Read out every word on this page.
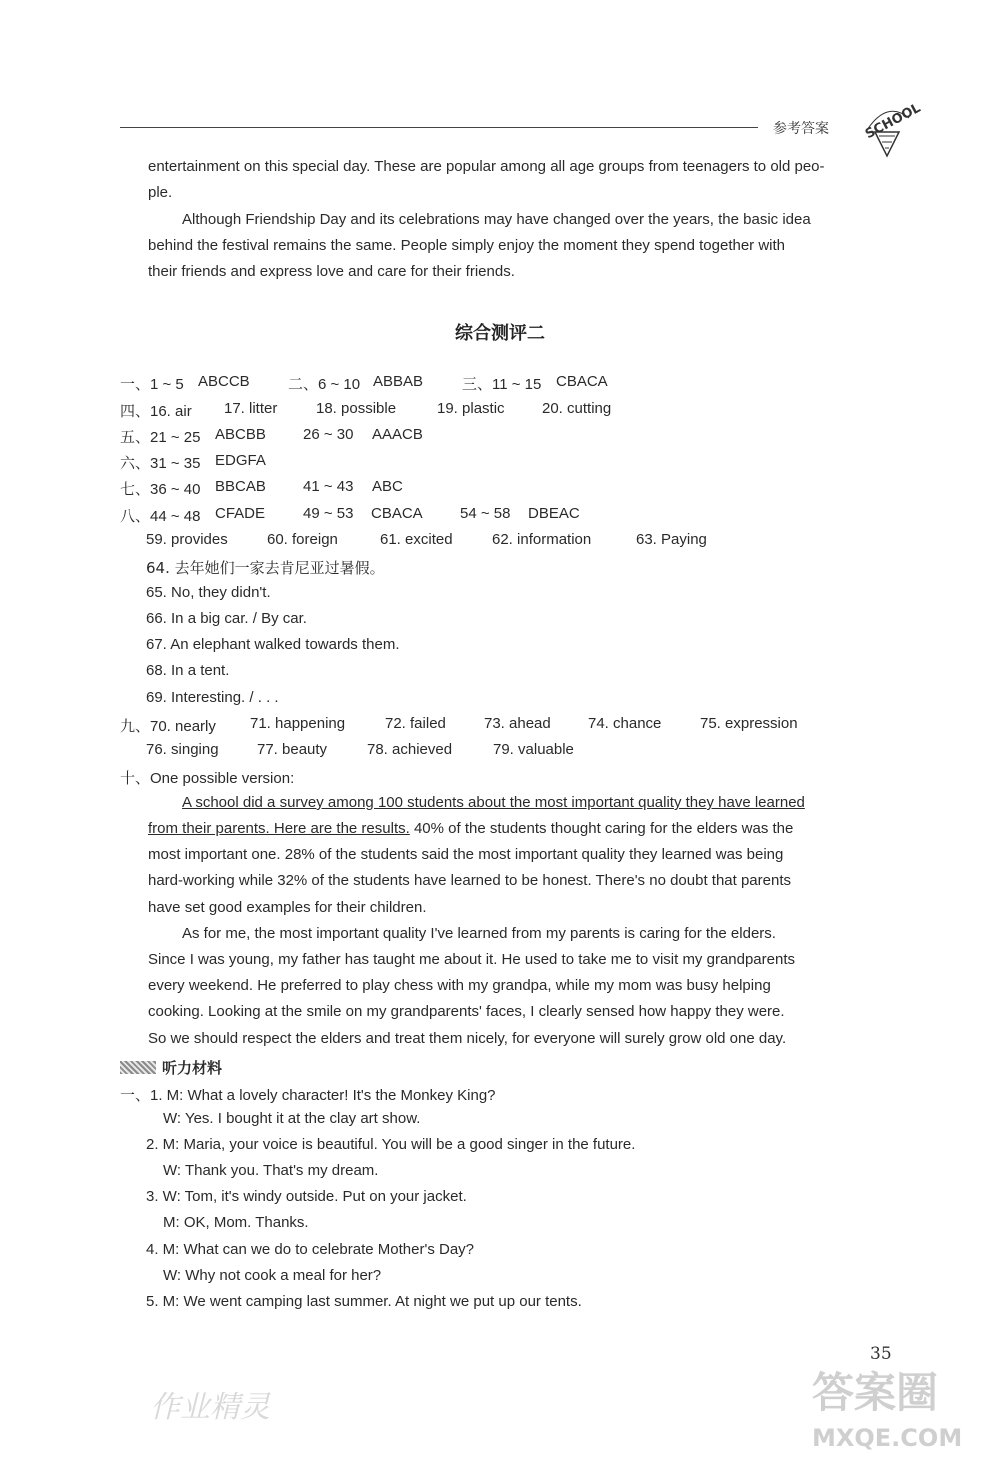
参考答案	SCHOOL
entertainment on this special day. These are popular among all age groups from teenagers to old peo-
ple.
Although Friendship Day and its celebrations may have changed over the years, the basic idea
behind the festival remains the same. People simply enjoy the moment they spend together with
their friends and express love and care for their friends.
综合测评二
一、1 ~ 5 ABCCB	二、6 ~ 10 ABBAB	三、11 ~ 15 CBACA
四、16. air 17. litter	18. possible	19. plastic 20. cutting
五、21 ~ 25 ABCBB 26 ~ 30 AAACB
六、31 ~ 35 EDGFA
七、36 ~ 40 BBCAB 41 ~ 43 ABC
八、44 ~ 48 CFADE	49 ~ 53 CBACA 54 ~ 58 DBEAC
59. provides	60. foreign	61. excited	62. information	63. Paying
64. 去年她们一家去肯尼亚过暑假。
65. No, they didn't.
66. In a big car. / By car.
67. An elephant walked towards them.
68. In a tent.
69. Interesting. / . . .
九、70. nearly 71. happening	72. failed	73. ahead 74. chance	75. expression
76. singing	77. beauty	78. achieved	79. valuable
十、One possible version:
A school did a survey among 100 students about the most important quality they have learned
from their parents. Here are the results. 40% of the students thought caring for the elders was the
most important one. 28% of the students said the most important quality they learned was being
hard-working while 32% of the students have learned to be honest. There's no doubt that parents
have set good examples for their children.
As for me, the most important quality I've learned from my parents is caring for the elders.
Since I was young, my father has taught me about it. He used to take me to visit my grandparents
every weekend. He preferred to play chess with my grandpa, while my mom was busy helping
cooking. Looking at the smile on my grandparents' faces, I clearly sensed how happy they were.
So we should respect the elders and treat them nicely, for everyone will surely grow old one day.
听力材料
一、1. M: What a lovely character! It's the Monkey King?
W: Yes. I bought it at the clay art show.
2. M: Maria, your voice is beautiful. You will be a good singer in the future.
W: Thank you. That's my dream.
3. W: Tom, it's windy outside. Put on your jacket.
M: OK, Mom. Thanks.
4. M: What can we do to celebrate Mother's Day?
W: Why not cook a meal for her?
5. M: We went camping last summer. At night we put up our tents.
35
作业精灵	答案圈
MXQE.COM
